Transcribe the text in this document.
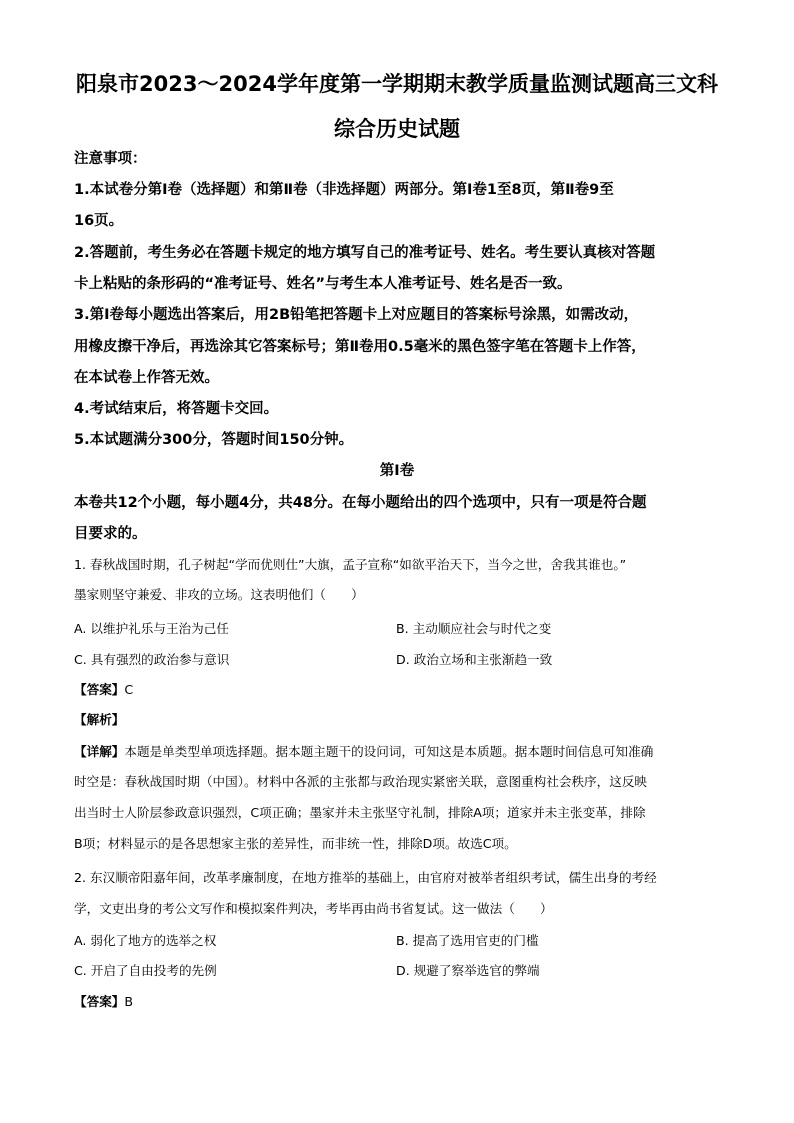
阳泉市2023～2024学年度第一学期期末教学质量监测试题高三文科
综合历史试题
注意事项：
1.本试卷分第Ⅰ卷（选择题）和第Ⅱ卷（非选择题）两部分。第Ⅰ卷1至8页，第Ⅱ卷9至
16页。
2.答题前，考生务必在答题卡规定的地方填写自己的准考证号、姓名。考生要认真核对答题
卡上粘贴的条形码的“准考证号、姓名”与考生本人准考证号、姓名是否一致。
3.第Ⅰ卷每小题选出答案后，用2B铅笔把答题卡上对应题目的答案标号涂黑，如需改动，
用橡皮擦干净后，再选涂其它答案标号；第Ⅱ卷用0.5毫米的黑色签字笔在答题卡上作答，
在本试卷上作答无效。
4.考试结束后，将答题卡交回。
5.本试题满分300分，答题时间150分钟。
第Ⅰ卷
本卷共12个小题，每小题4分，共48分。在每小题给出的四个选项中，只有一项是符合题
目要求的。
1. 春秋战国时期，孔子树起“学而优则仕”大旗，孟子宣称“如欲平治天下，当今之世，舍我其谁也。”
墨家则坚守兼爱、非攻的立场。这表明他们（　　）
A. 以维护礼乐与王治为己任	B. 主动顺应社会与时代之变
C. 具有强烈的政治参与意识	D. 政治立场和主张渐趋一致
【答案】C
【解析】
【详解】本题是单类型单项选择题。据本题主题干的设问词，可知这是本质题。据本题时间信息可知准确
时空是：春秋战国时期（中国）。材料中各派的主张都与政治现实紧密关联，意图重构社会秩序，这反映
出当时士人阶层参政意识强烈，C项正确；墨家并未主张坚守礼制，排除A项；道家并未主张变革，排除
B项；材料显示的是各思想家主张的差异性，而非统一性，排除D项。故选C项。
2. 东汉顺帝阳嘉年间，改革孝廉制度，在地方推举的基础上，由官府对被举者组织考试，儒生出身的考经
学，文吏出身的考公文写作和模拟案件判决，考毕再由尚书省复试。这一做法（　　）
A. 弱化了地方的选举之权	B. 提高了选用官吏的门槛
C. 开启了自由投考的先例	D. 规避了察举选官的弊端
【答案】B
